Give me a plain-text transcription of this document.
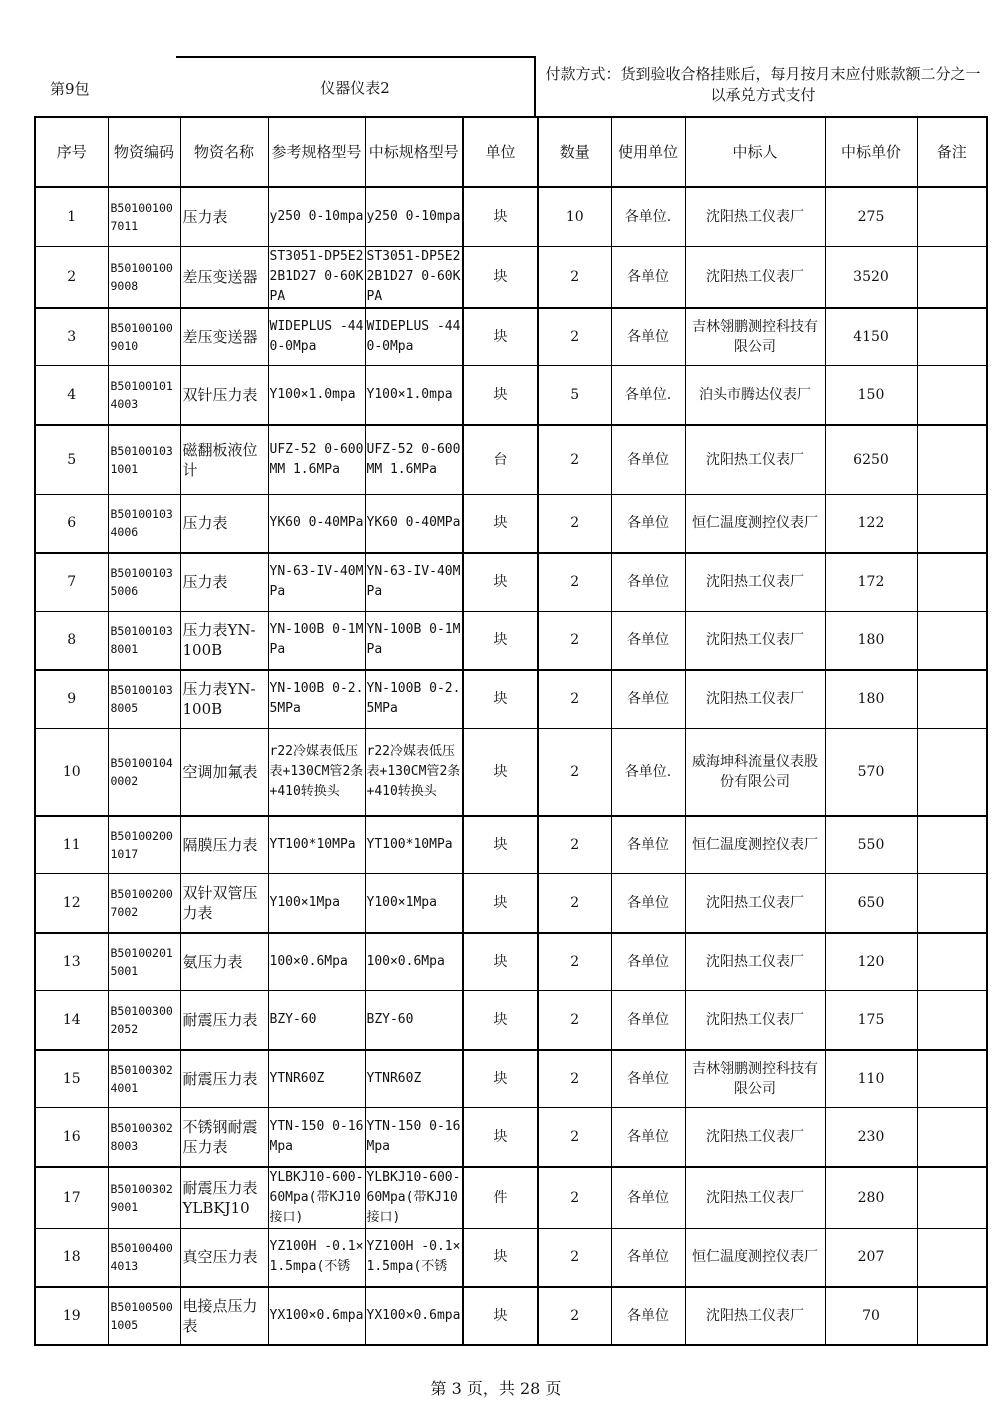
第9包	仪器仪表2
付款方式：货到验收合格挂账后，每月按月末应付账款额二分之一以承兑方式支付
序号	物资编码	物资名称	参考规格型号	中标规格型号	单位	数量	使用单位	中标人	中标单价	备注
1	B501001007011	压力表	y250 0-10mpa	y250 0-10mpa	块	10	各单位.	沈阳热工仪表厂	275	
2	B501001009008	差压变送器	ST3051-DP5E22B1D27 0-60KPA	ST3051-DP5E22B1D27 0-60KPA	块	2	各单位	沈阳热工仪表厂	3520	
3	B501001009010	差压变送器	WIDEPLUS -440-0Mpa	WIDEPLUS -440-0Mpa	块	2	各单位	吉林翎鹏测控科技有限公司	4150	
4	B501001014003	双针压力表	Y100×1.0mpa	Y100×1.0mpa	块	5	各单位.	泊头市腾达仪表厂	150	
5	B501001031001	磁翻板液位计	UFZ-52 0-600MM 1.6MPa	UFZ-52 0-600MM 1.6MPa	台	2	各单位	沈阳热工仪表厂	6250	
6	B501001034006	压力表	YK60 0-40MPa	YK60 0-40MPa	块	2	各单位	恒仁温度测控仪表厂	122	
7	B501001035006	压力表	YN-63-IV-40MPa	YN-63-IV-40MPa	块	2	各单位	沈阳热工仪表厂	172	
8	B501001038001	压力表YN-100B	YN-100B 0-1MPa	YN-100B 0-1MPa	块	2	各单位	沈阳热工仪表厂	180	
9	B501001038005	压力表YN-100B	YN-100B 0-2.5MPa	YN-100B 0-2.5MPa	块	2	各单位	沈阳热工仪表厂	180	
10	B501001040002	空调加氟表	r22冷媒表低压表+130CM管2条+410转换头	r22冷媒表低压表+130CM管2条+410转换头	块	2	各单位.	威海坤科流量仪表股份有限公司	570	
11	B501002001017	隔膜压力表	YT100*10MPa	YT100*10MPa	块	2	各单位	恒仁温度测控仪表厂	550	
12	B501002007002	双针双管压力表	Y100×1Mpa	Y100×1Mpa	块	2	各单位	沈阳热工仪表厂	650	
13	B501002015001	氨压力表	100×0.6Mpa	100×0.6Mpa	块	2	各单位	沈阳热工仪表厂	120	
14	B501003002052	耐震压力表	BZY-60	BZY-60	块	2	各单位	沈阳热工仪表厂	175	
15	B501003024001	耐震压力表	YTNR60Z	YTNR60Z	块	2	各单位	吉林翎鹏测控科技有限公司	110	
16	B501003028003	不锈钢耐震压力表	YTN-150 0-16Mpa	YTN-150 0-16Mpa	块	2	各单位	沈阳热工仪表厂	230	
17	B501003029001	耐震压力表YLBKJ10	YLBKJ10-600-60Mpa(带KJ10接口)	YLBKJ10-600-60Mpa(带KJ10接口)	件	2	各单位	沈阳热工仪表厂	280	
18	B501004004013	真空压力表	YZ100H -0.1×1.5mpa(不锈	YZ100H -0.1×1.5mpa(不锈	块	2	各单位	恒仁温度测控仪表厂	207	
19	B501005001005	电接点压力表	YX100×0.6mpa	YX100×0.6mpa	块	2	各单位	沈阳热工仪表厂	70	
第 3 页，共 28 页
